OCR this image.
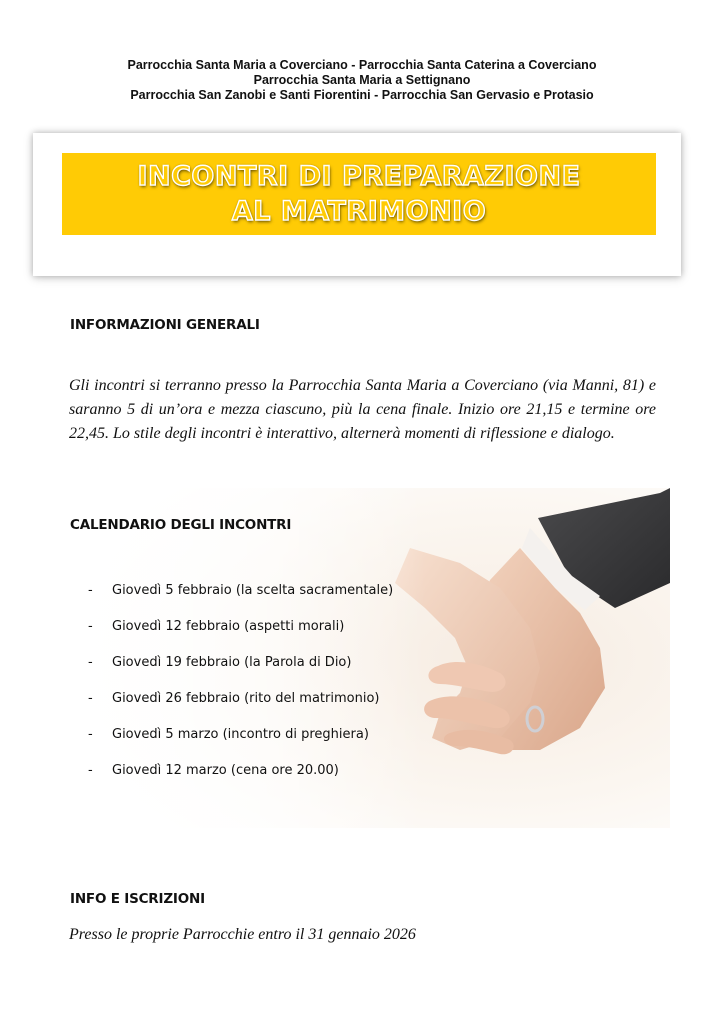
Parrocchia Santa Maria a Coverciano - Parrocchia Santa Caterina a Coverciano
Parrocchia Santa Maria a Settignano
Parrocchia San Zanobi e Santi Fiorentini - Parrocchia San Gervasio e Protasio
INCONTRI DI PREPARAZIONE
AL MATRIMONIO
INFORMAZIONI GENERALI

Gli incontri si terranno presso la Parrocchia Santa Maria a Coverciano (via Manni, 81) e saranno 5 di un’ora e mezza ciascuno, più la cena finale. Inizio ore 21,15 e termine ore 22,45. Lo stile degli incontri è interattivo, alternerà momenti di riflessione e dialogo.

CALENDARIO DEGLI INCONTRI
-	Giovedì 5 febbraio (la scelta sacramentale)
-	Giovedì 12 febbraio (aspetti morali)
-	Giovedì 19 febbraio (la Parola di Dio)
-	Giovedì 26 febbraio (rito del matrimonio)
-	Giovedì 5 marzo (incontro di preghiera)
-	Giovedì 12 marzo (cena ore 20.00)
INFO E ISCRIZIONI

Presso le proprie Parrocchie entro il 31 gennaio 2026
